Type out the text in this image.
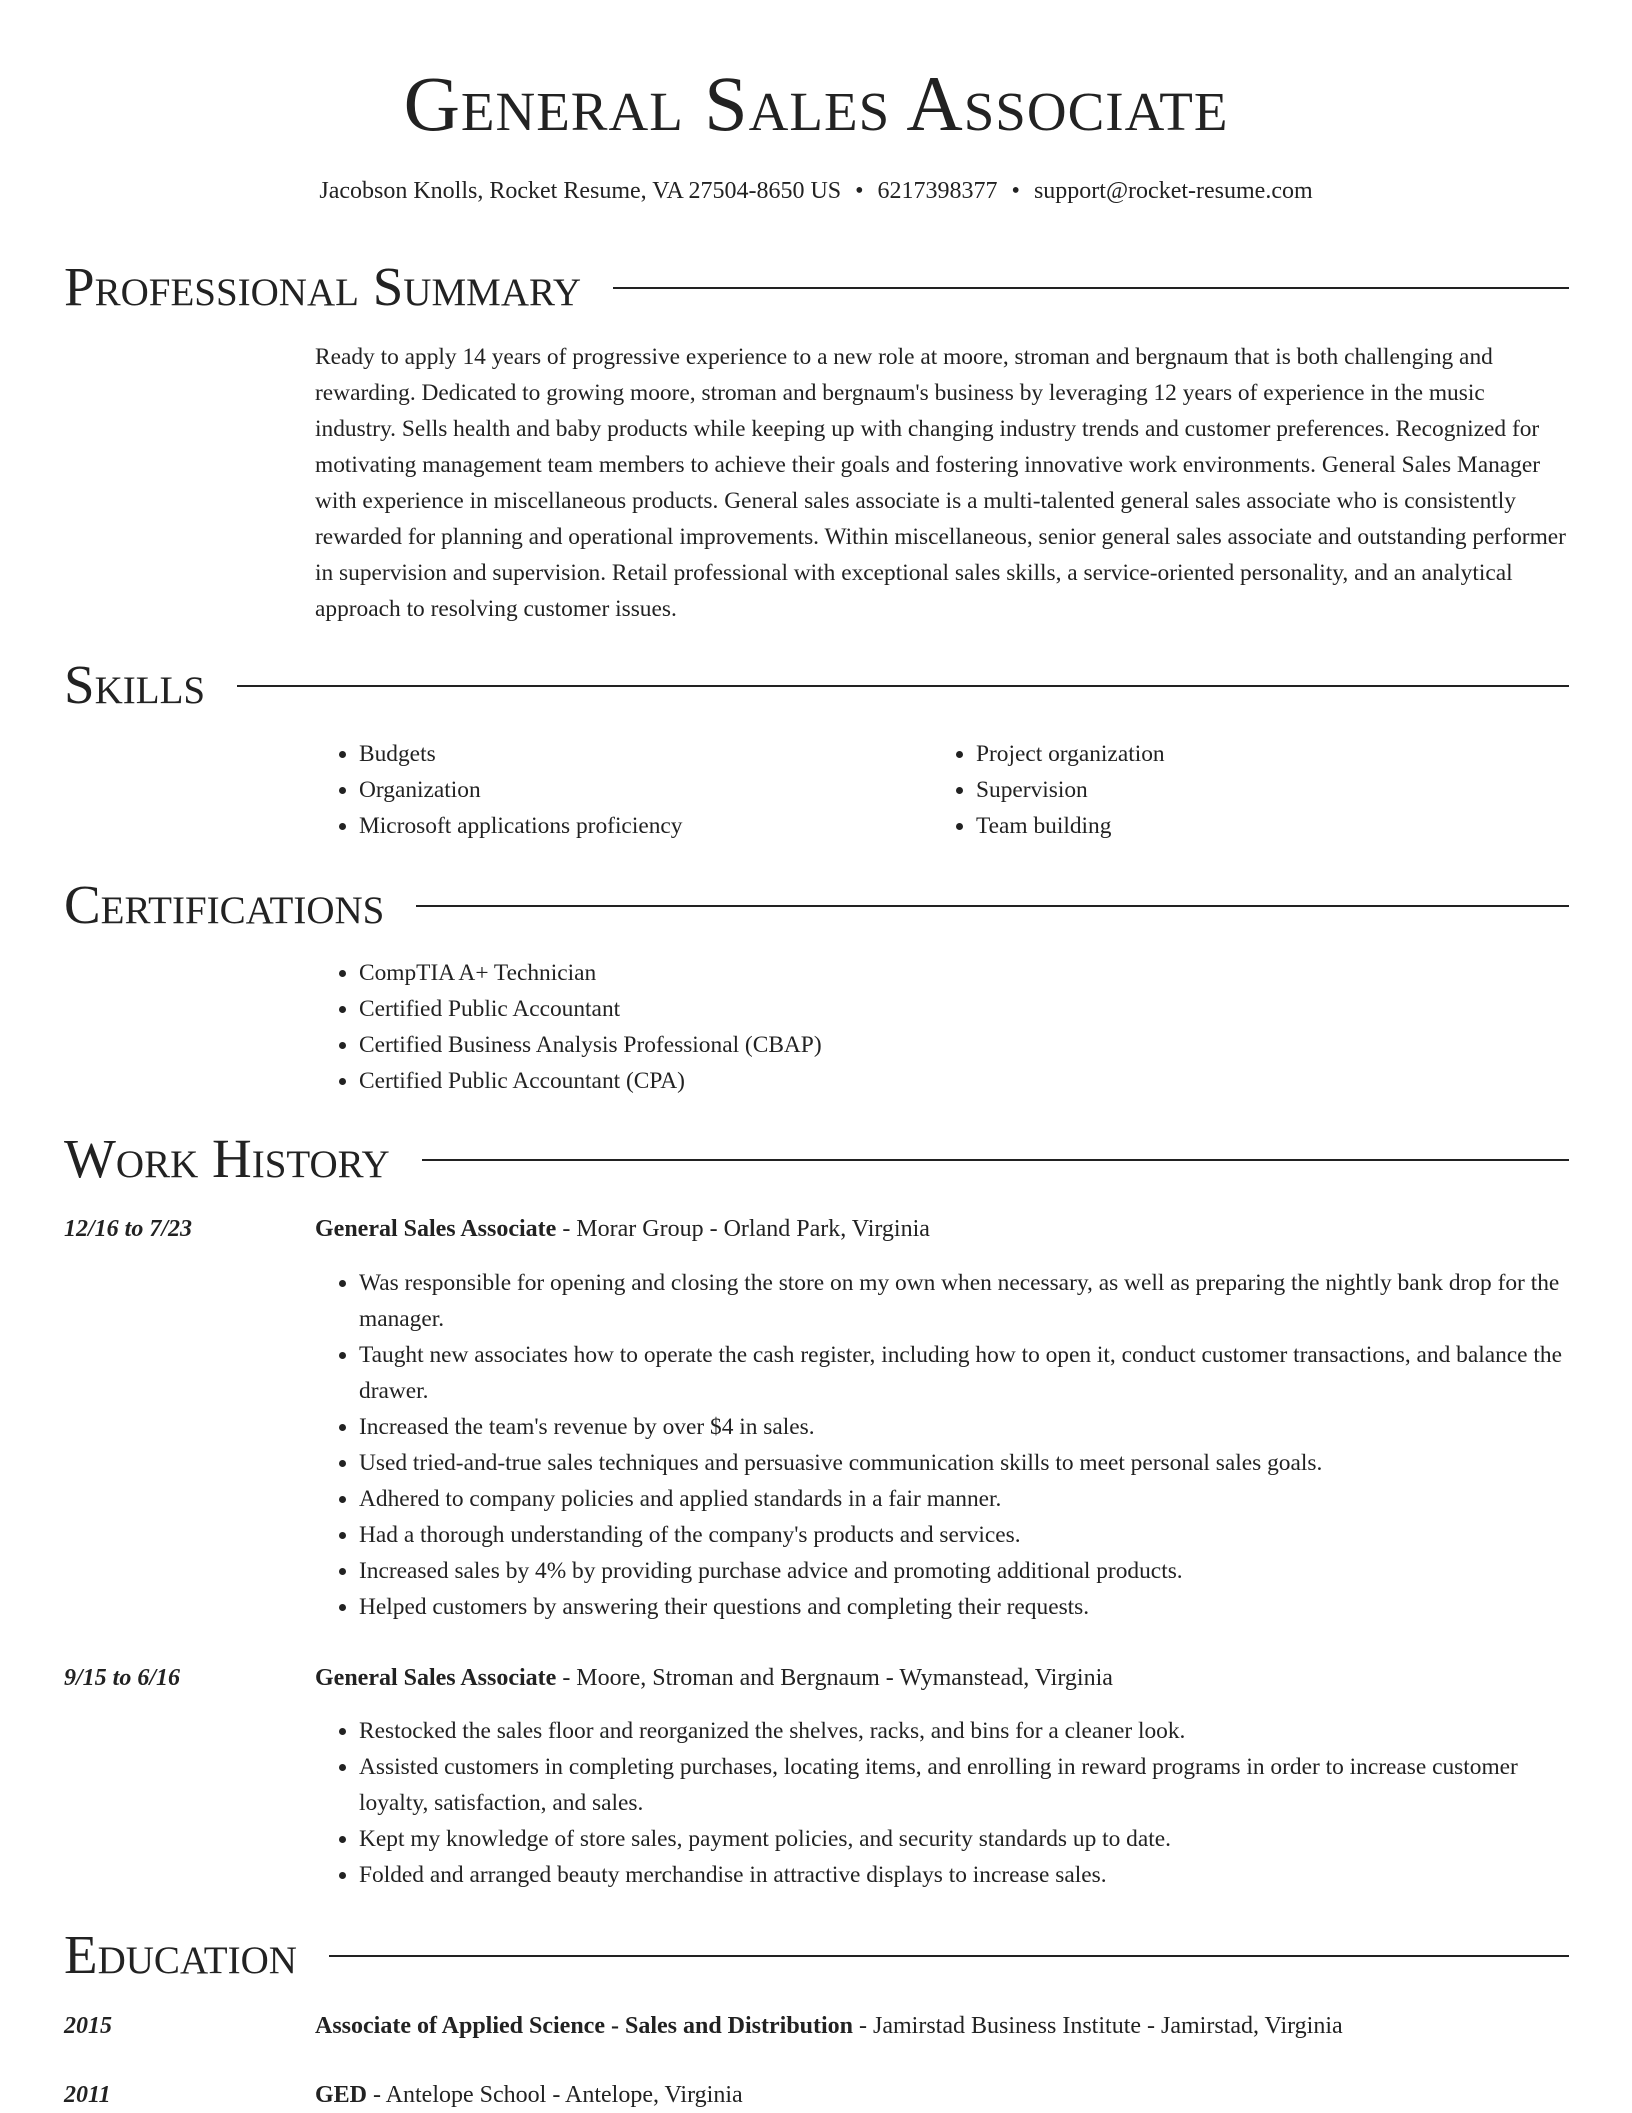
General Sales Associate
Jacobson Knolls, Rocket Resume, VA 27504-8650 US • 6217398377 • support@rocket-resume.com
Professional Summary

Ready to apply 14 years of progressive experience to a new role at moore, stroman and bergnaum that is both challenging and rewarding. Dedicated to growing moore, stroman and bergnaum's business by leveraging 12 years of experience in the music industry. Sells health and baby products while keeping up with changing industry trends and customer preferences. Recognized for motivating management team members to achieve their goals and fostering innovative work environments. General Sales Manager with experience in miscellaneous products. General sales associate is a multi-talented general sales associate who is consistently rewarded for planning and operational improvements. Within miscellaneous, senior general sales associate and outstanding performer in supervision and supervision. Retail professional with exceptional sales skills, a service-oriented personality, and an analytical approach to resolving customer issues.

Skills
• Budgets
• Organization
• Microsoft applications proficiency
• Project organization
• Supervision
• Team building
Certifications
• CompTIA A+ Technician
• Certified Public Accountant
• Certified Business Analysis Professional (CBAP)
• Certified Public Accountant (CPA)
Work History
12/16 to 7/23	General Sales Associate - Morar Group - Orland Park, Virginia
• Was responsible for opening and closing the store on my own when necessary, as well as preparing the nightly bank drop for the manager.
• Taught new associates how to operate the cash register, including how to open it, conduct customer transactions, and balance the drawer.
• Increased the team's revenue by over $4 in sales.
• Used tried-and-true sales techniques and persuasive communication skills to meet personal sales goals.
• Adhered to company policies and applied standards in a fair manner.
• Had a thorough understanding of the company's products and services.
• Increased sales by 4% by providing purchase advice and promoting additional products.
• Helped customers by answering their questions and completing their requests.
9/15 to 6/16	General Sales Associate - Moore, Stroman and Bergnaum - Wymanstead, Virginia
• Restocked the sales floor and reorganized the shelves, racks, and bins for a cleaner look.
• Assisted customers in completing purchases, locating items, and enrolling in reward programs in order to increase customer loyalty, satisfaction, and sales.
• Kept my knowledge of store sales, payment policies, and security standards up to date.
• Folded and arranged beauty merchandise in attractive displays to increase sales.
Education
2015	Associate of Applied Science - Sales and Distribution - Jamirstad Business Institute - Jamirstad, Virginia
2011	GED - Antelope School - Antelope, Virginia
